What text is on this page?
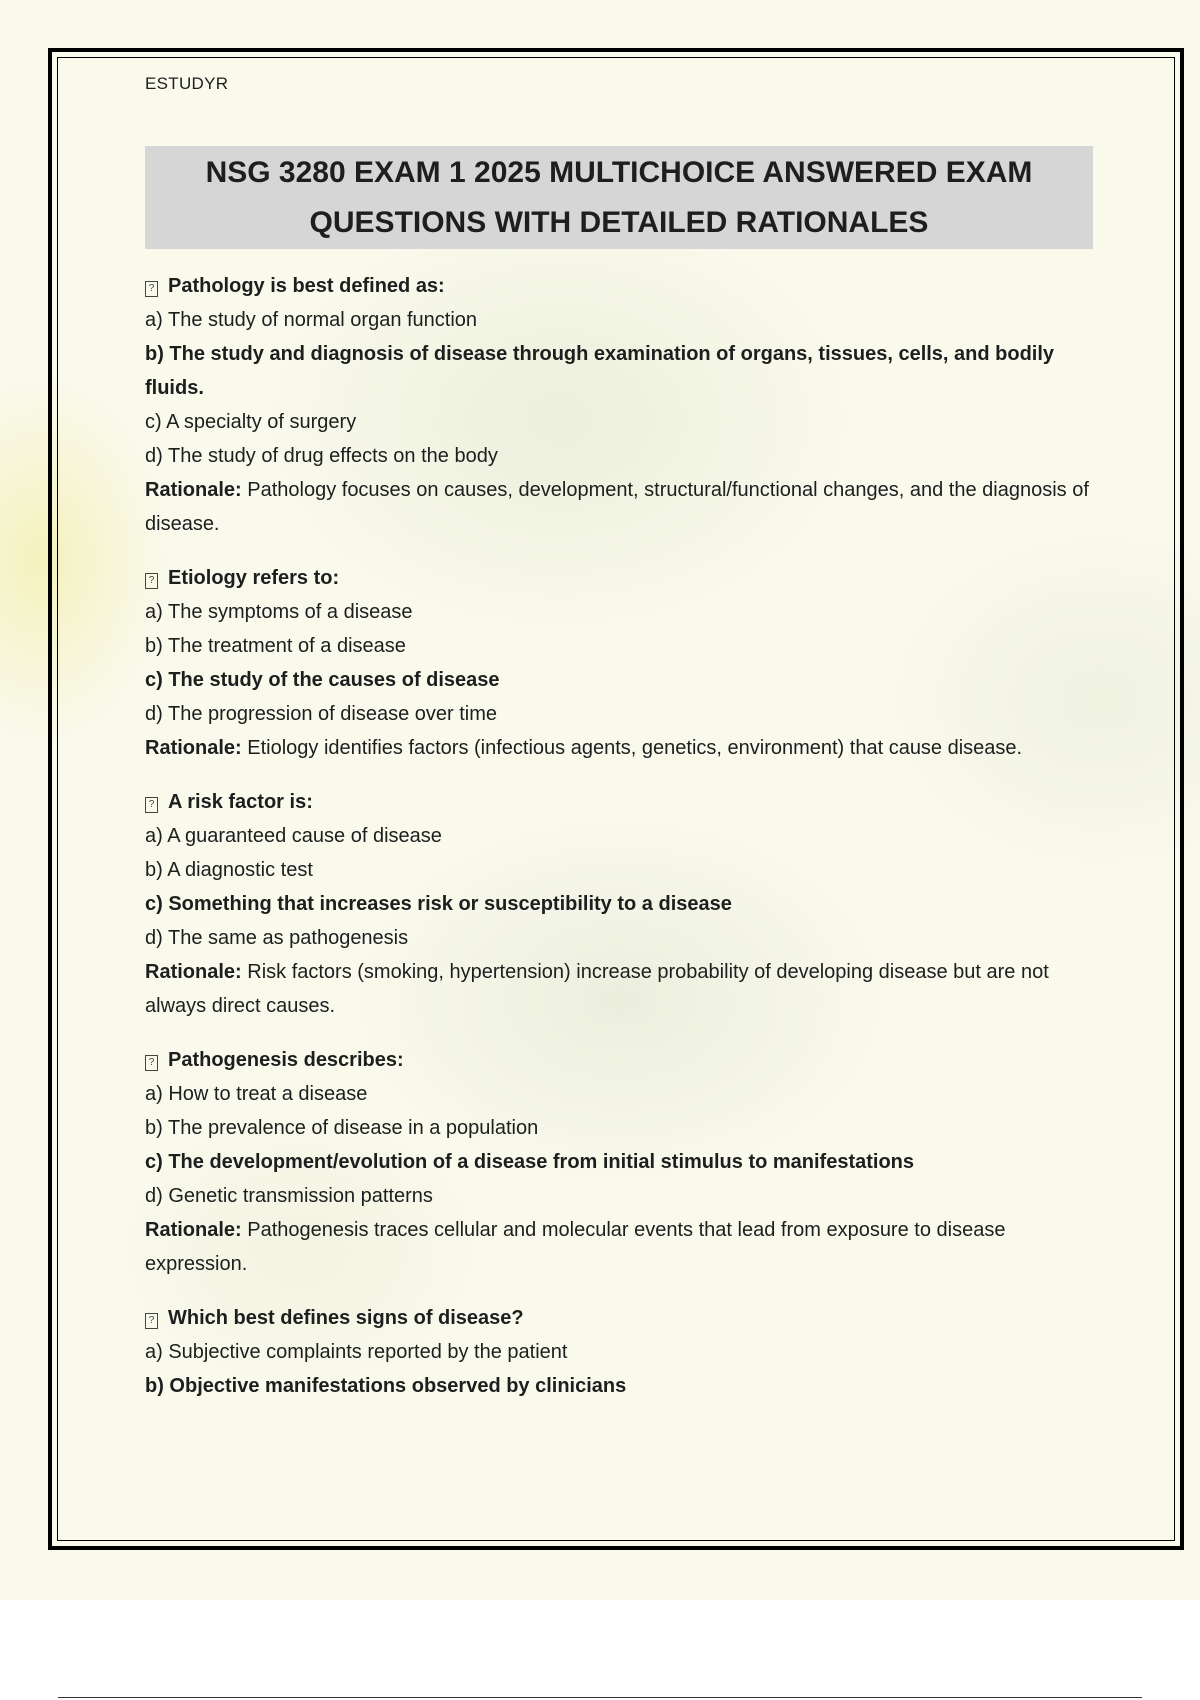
ESTUDYR

NSG 3280 EXAM 1 2025 MULTICHOICE ANSWERED EXAM
QUESTIONS WITH DETAILED RATIONALES

? Pathology is best defined as:

a) The study of normal organ function

b) The study and diagnosis of disease through examination of organs, tissues, cells, and bodily fluids.

c) A specialty of surgery

d) The study of drug effects on the body

Rationale: Pathology focuses on causes, development, structural/functional changes, and the diagnosis of disease.

? Etiology refers to:

a) The symptoms of a disease

b) The treatment of a disease

c) The study of the causes of disease

d) The progression of disease over time

Rationale: Etiology identifies factors (infectious agents, genetics, environment) that cause disease.

? A risk factor is:

a) A guaranteed cause of disease

b) A diagnostic test

c) Something that increases risk or susceptibility to a disease

d) The same as pathogenesis

Rationale: Risk factors (smoking, hypertension) increase probability of developing disease but are not always direct causes.

? Pathogenesis describes:

a) How to treat a disease

b) The prevalence of disease in a population

c) The development/evolution of a disease from initial stimulus to manifestations

d) Genetic transmission patterns

Rationale: Pathogenesis traces cellular and molecular events that lead from exposure to disease expression.

? Which best defines signs of disease?

a) Subjective complaints reported by the patient

b) Objective manifestations observed by clinicians
